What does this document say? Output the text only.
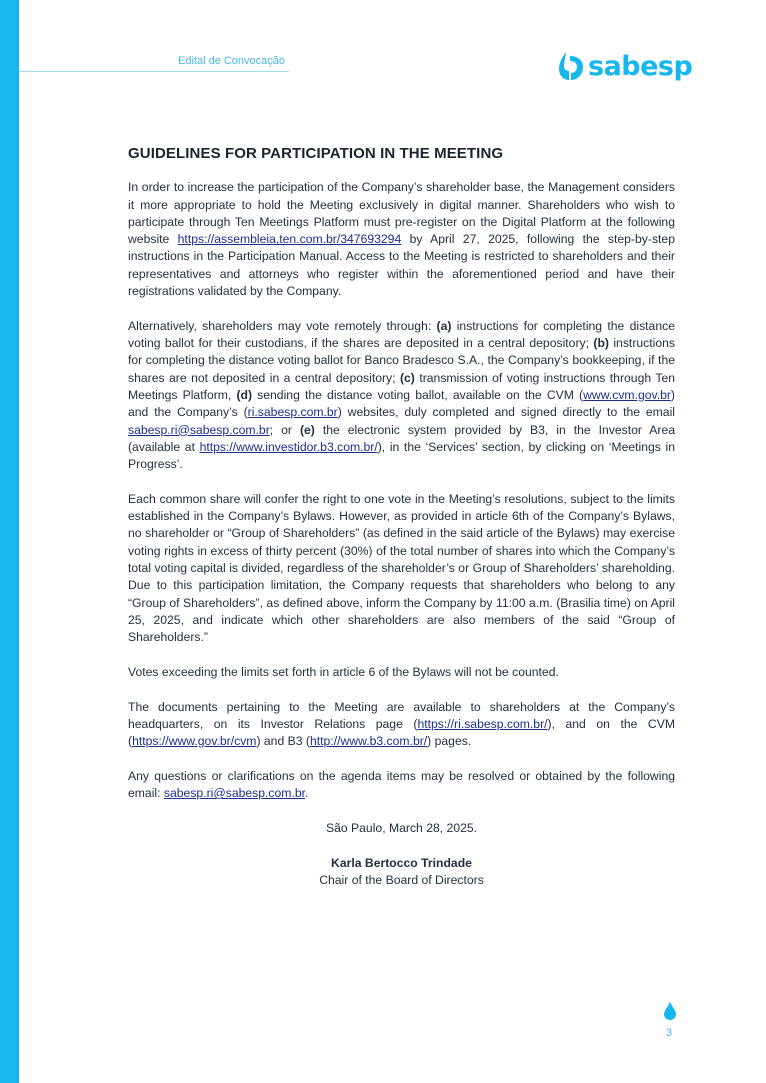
Edital de Convocação	sabesp
GUIDELINES FOR PARTICIPATION IN THE MEETING

In order to increase the participation of the Company’s shareholder base, the Management considers it more appropriate to hold the Meeting exclusively in digital manner. Shareholders who wish to participate through Ten Meetings Platform must pre-register on the Digital Platform at the following website https://assembleia.ten.com.br/347693294 by April 27, 2025, following the step-by-step instructions in the Participation Manual. Access to the Meeting is restricted to shareholders and their representatives and attorneys who register within the aforementioned period and have their registrations validated by the Company.

Alternatively, shareholders may vote remotely through: (a) instructions for completing the distance voting ballot for their custodians, if the shares are deposited in a central depository; (b) instructions for completing the distance voting ballot for Banco Bradesco S.A., the Company’s bookkeeping, if the shares are not deposited in a central depository; (c) transmission of voting instructions through Ten Meetings Platform, (d) sending the distance voting ballot, available on the CVM (www.cvm.gov.br) and the Company’s (ri.sabesp.com.br) websites, duly completed and signed directly to the email sabesp.ri@sabesp.com.br; or (e) the electronic system provided by B3, in the Investor Area (available at https://www.investidor.b3.com.br/), in the ‘Services’ section, by clicking on ‘Meetings in Progress’.

Each common share will confer the right to one vote in the Meeting’s resolutions, subject to the limits established in the Company’s Bylaws. However, as provided in article 6th of the Company’s Bylaws, no shareholder or “Group of Shareholders” (as defined in the said article of the Bylaws) may exercise voting rights in excess of thirty percent (30%) of the total number of shares into which the Company’s total voting capital is divided, regardless of the shareholder’s or Group of Shareholders’ shareholding. Due to this participation limitation, the Company requests that shareholders who belong to any “Group of Shareholders”, as defined above, inform the Company by 11:00 a.m. (Brasilia time) on April 25, 2025, and indicate which other shareholders are also members of the said “Group of Shareholders.”

Votes exceeding the limits set forth in article 6 of the Bylaws will not be counted.

The documents pertaining to the Meeting are available to shareholders at the Company’s headquarters, on its Investor Relations page (https://ri.sabesp.com.br/), and on the CVM (https://www.gov.br/cvm) and B3 (http://www.b3.com.br/) pages.

Any questions or clarifications on the agenda items may be resolved or obtained by the following email: sabesp.ri@sabesp.com.br.

São Paulo, March 28, 2025.

Karla Bertocco Trindade

Chair of the Board of Directors

3
